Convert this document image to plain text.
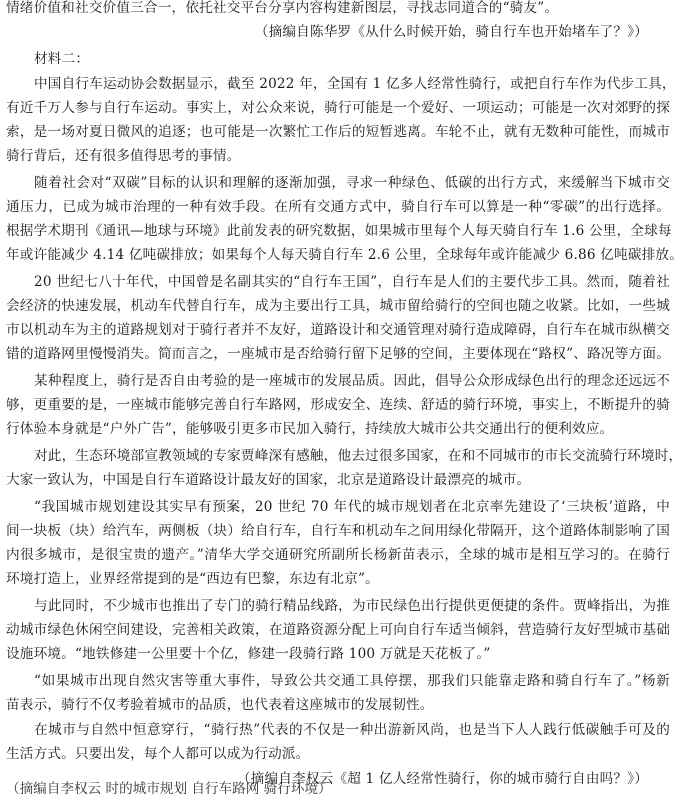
情绪价值和社交价值三合一，依托社交平台分享内容构建新图层，寻找志同道合的“骑友”。
（摘编自陈华罗《从什么时候开始，骑自行车也开始堵车了？》）
材料二：
中国自行车运动协会数据显示，截至 2022 年，全国有 1 亿多人经常性骑行，或把自行车作为代步工具，
有近千万人参与自行车运动。事实上，对公众来说，骑行可能是一个爱好、一项运动；可能是一次对郊野的探
索，是一场对夏日微风的追逐；也可能是一次繁忙工作后的短暂逃离。车轮不止，就有无数种可能性，而城市
骑行背后，还有很多值得思考的事情。
随着社会对“双碳”目标的认识和理解的逐渐加强，寻求一种绿色、低碳的出行方式，来缓解当下城市交
通压力，已成为城市治理的一种有效手段。在所有交通方式中，骑自行车可以算是一种“零碳”的出行选择。
根据学术期刊《通讯—地球与环境》此前发表的研究数据，如果城市里每个人每天骑自行车 1.6 公里，全球每
年或许能减少 4.14 亿吨碳排放；如果每个人每天骑自行车 2.6 公里，全球每年或许能减少 6.86 亿吨碳排放。
20 世纪七八十年代，中国曾是名副其实的“自行车王国”，自行车是人们的主要代步工具。然而，随着社
会经济的快速发展，机动车代替自行车，成为主要出行工具，城市留给骑行的空间也随之收紧。比如，一些城
市以机动车为主的道路规划对于骑行者并不友好，道路设计和交通管理对骑行造成障碍，自行车在城市纵横交
错的道路网里慢慢消失。简而言之，一座城市是否给骑行留下足够的空间，主要体现在“路权”、路况等方面。
某种程度上，骑行是否自由考验的是一座城市的发展品质。因此，倡导公众形成绿色出行的理念还远远不
够，更重要的是，一座城市能够完善自行车路网，形成安全、连续、舒适的骑行环境，事实上，不断提升的骑
行体验本身就是“户外广告”，能够吸引更多市民加入骑行，持续放大城市公共交通出行的便利效应。
对此，生态环境部宣教领域的专家贾峰深有感触，他去过很多国家，在和不同城市的市长交流骑行环境时，
大家一致认为，中国是自行车道路设计最友好的国家，北京是道路设计最漂亮的城市。
“我国城市规划建设其实早有预案，20 世纪 70 年代的城市规划者在北京率先建设了‘三块板’道路，中
间一块板（块）给汽车，两侧板（块）给自行车，自行车和机动车之间用绿化带隔开，这个道路体制影响了国
内很多城市，是很宝贵的遗产。”清华大学交通研究所副所长杨新苗表示，全球的城市是相互学习的。在骑行
环境打造上，业界经常提到的是“西边有巴黎，东边有北京”。
与此同时，不少城市也推出了专门的骑行精品线路，为市民绿色出行提供更便捷的条件。贾峰指出，为推
动城市绿色休闲空间建设，完善相关政策，在道路资源分配上可向自行车适当倾斜，营造骑行友好型城市基础
设施环境。“地铁修建一公里要十个亿，修建一段骑行路 100 万就是天花板了。”
“如果城市出现自然灾害等重大事件，导致公共交通工具停摆，那我们只能靠走路和骑自行车了。”杨新
苗表示，骑行不仅考验着城市的品质，也代表着这座城市的发展韧性。
在城市与自然中恒意穿行，“骑行热”代表的不仅是一种出游新风尚，也是当下人人践行低碳触手可及的
生活方式。只要出发，每个人都可以成为行动派。
（摘编自李权云《超 1 亿人经常性骑行，你的城市骑行自由吗？》）
（摘编自李权云 时的城市规划 自行车路网 骑行环境）
